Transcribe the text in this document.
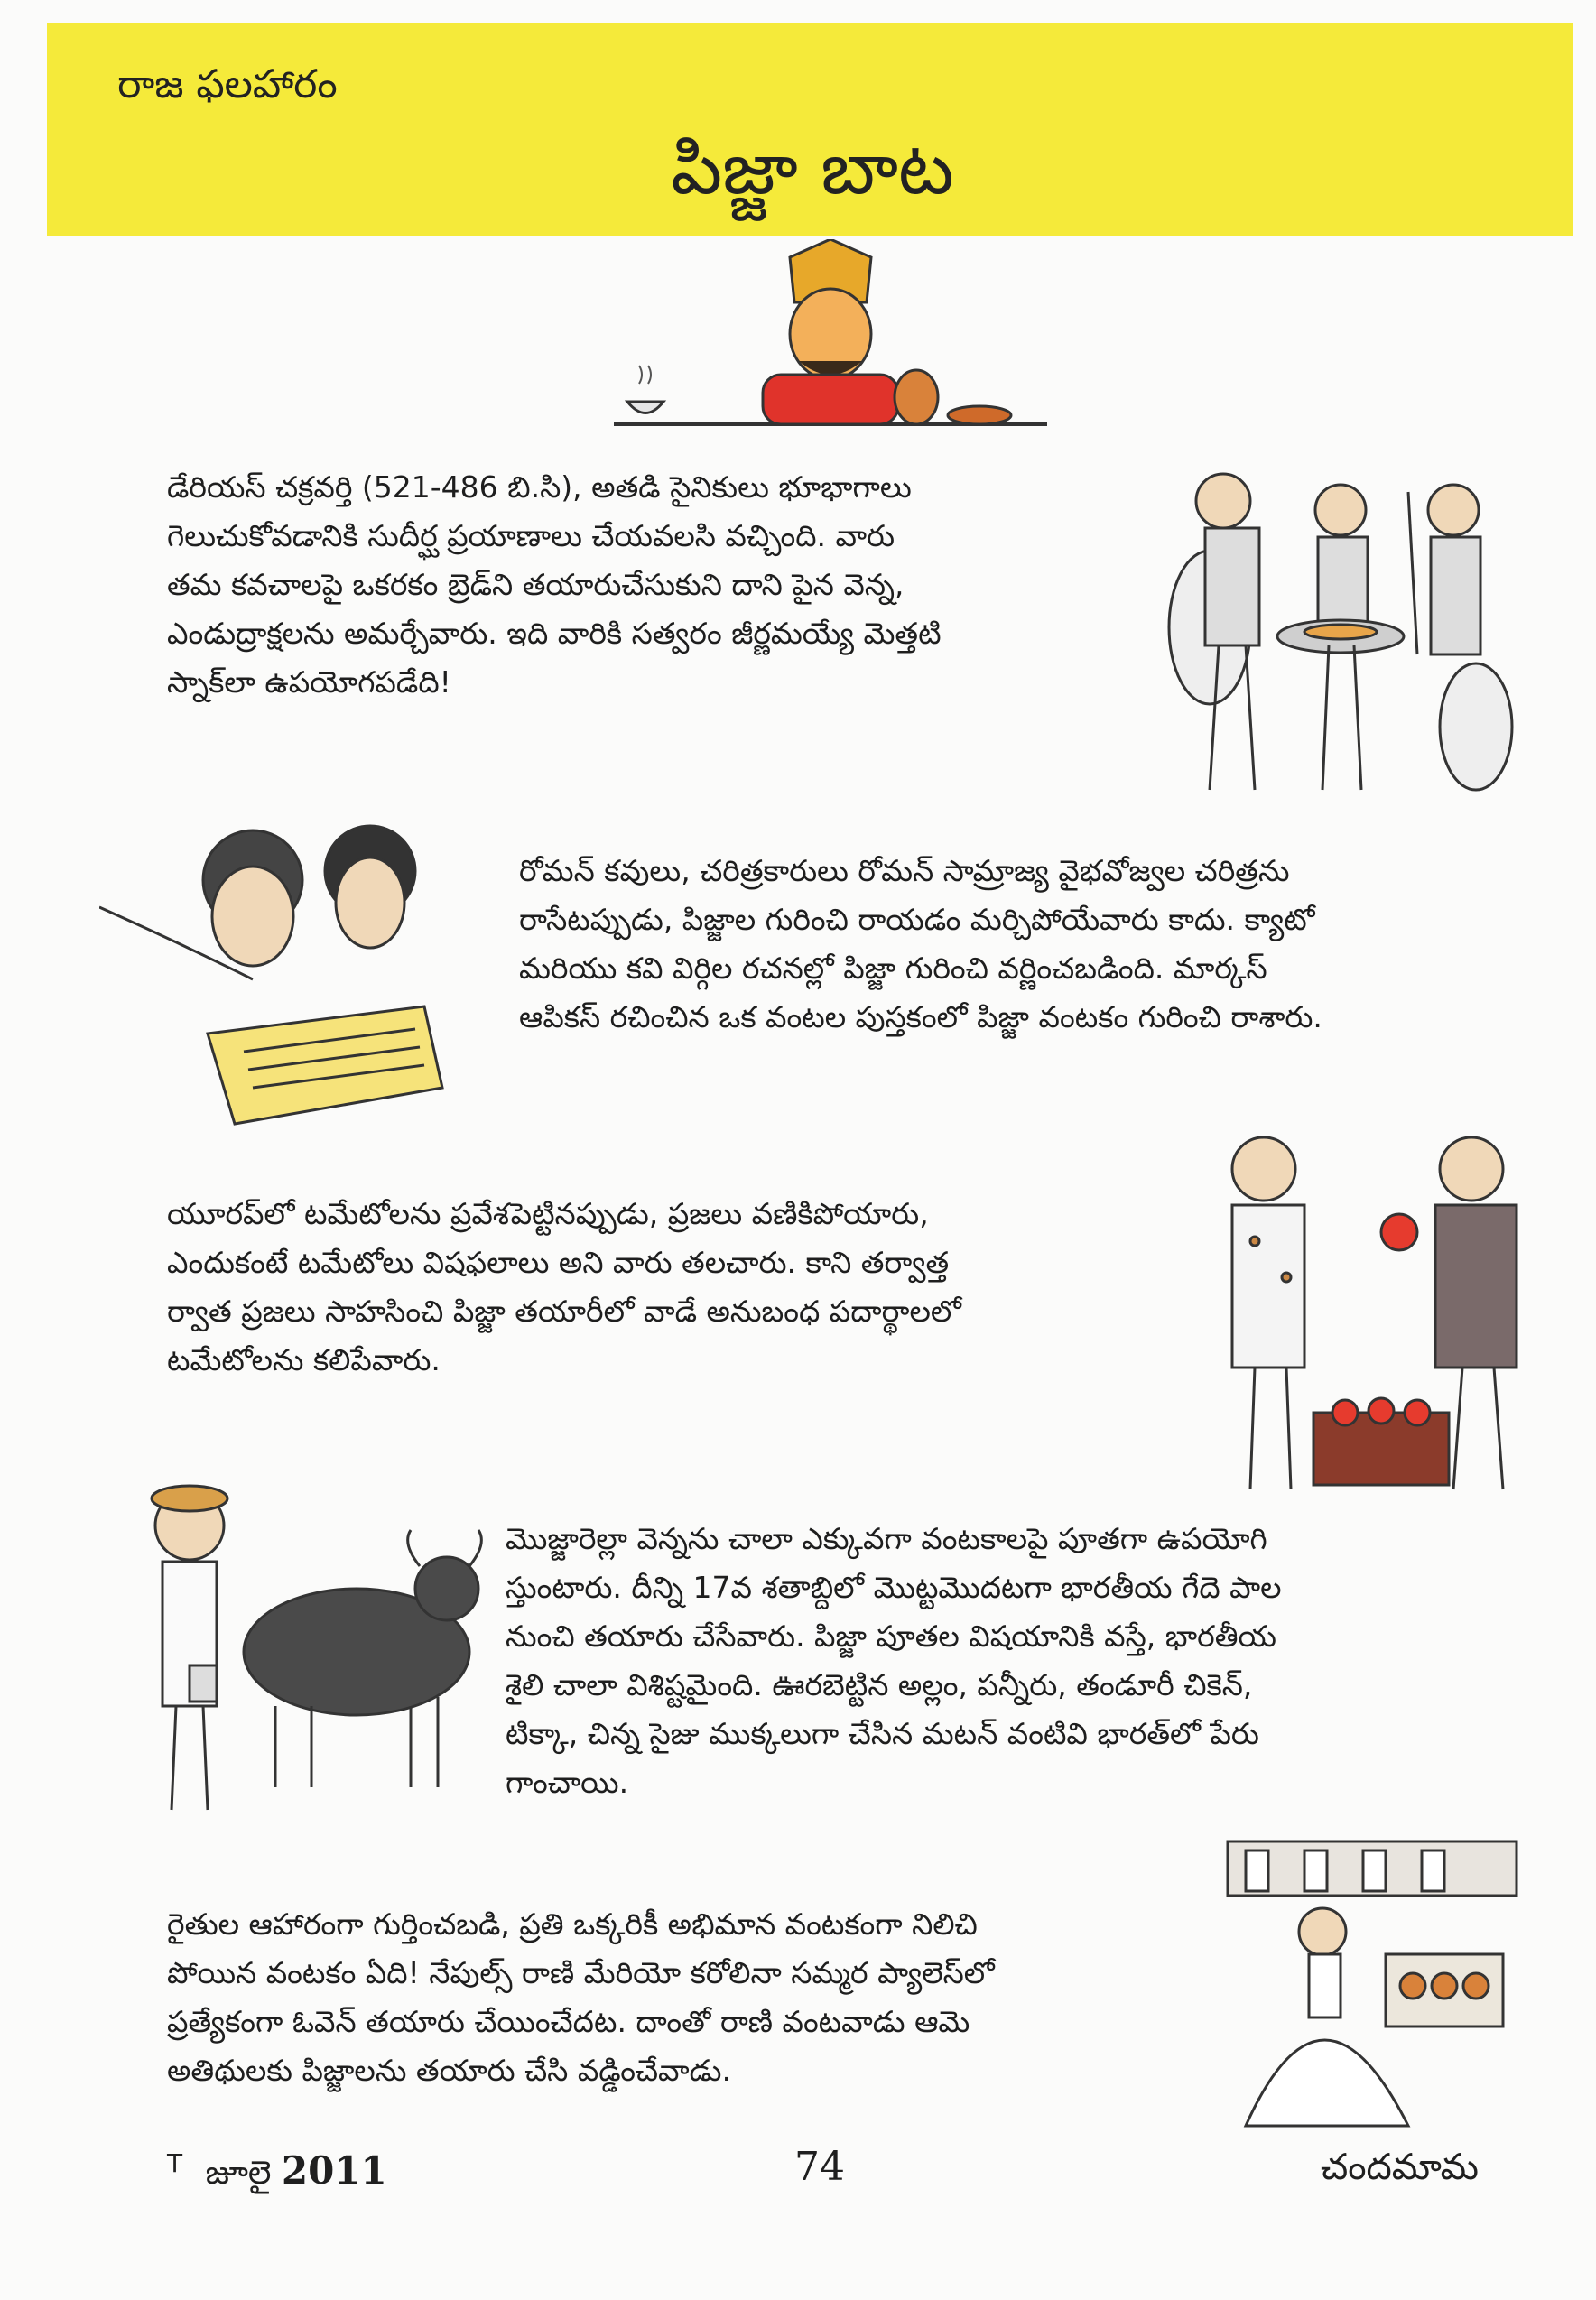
రాజ ఫలహారం
పిజ్జా బాట

డేరియస్ చక్రవర్తి (521-486 బి.సి), అతడి సైనికులు భూభాగాలు
గెలుచుకోవడానికి సుదీర్ఘ ప్రయాణాలు చేయవలసి వచ్చింది. వారు
తమ కవచాలపై ఒకరకం బ్రెడ్‌ని తయారుచేసుకుని దాని పైన వెన్న,
ఎండుద్రాక్షలను అమర్చేవారు. ఇది వారికి సత్వరం జీర్ణమయ్యే మెత్తటి
స్నాక్‌లా ఉపయోగపడేది!

రోమన్ కవులు, చరిత్రకారులు రోమన్ సామ్రాజ్య వైభవోజ్వల చరిత్రను
రాసేటప్పుడు, పిజ్జాల గురించి రాయడం మర్చిపోయేవారు కాదు. క్యాటో
మరియు కవి విర్గిల రచనల్లో పిజ్జా గురించి వర్ణించబడింది. మార్కస్
ఆపికస్ రచించిన ఒక వంటల పుస్తకంలో పిజ్జా వంటకం గురించి రాశారు.

యూరప్‌లో టమేటోలను ప్రవేశపెట్టినప్పుడు, ప్రజలు వణికిపోయారు,
ఎందుకంటే టమేటోలు విషఫలాలు అని వారు తలచారు. కాని తర్వాత్త
ర్వాత ప్రజలు సాహసించి పిజ్జా తయారీలో వాడే అనుబంధ పదార్థాలలో
టమేటోలను కలిపేవారు.

మొజ్జారెల్లా వెన్నను చాలా ఎక్కువగా వంటకాలపై పూతగా ఉపయోగి
స్తుంటారు. దీన్ని 17వ శతాబ్దిలో మొట్టమొదటగా భారతీయ గేదె పాల
నుంచి తయారు చేసేవారు. పిజ్జా పూతల విషయానికి వస్తే, భారతీయ
శైలి చాలా విశిష్టమైంది. ఊరబెట్టిన అల్లం, పన్నీరు, తండూరీ చికెన్,
టిక్కా, చిన్న సైజు ముక్కలుగా చేసిన మటన్ వంటివి భారత్‌లో పేరు
గాంచాయి.

రైతుల ఆహారంగా గుర్తించబడి, ప్రతి ఒక్కరికీ అభిమాన వంటకంగా నిలిచి
పోయిన వంటకం ఏది! నేపుల్స్ రాణి మేరియో కరోలినా సమ్మర ప్యాలెస్‌లో
ప్రత్యేకంగా ఓవెన్ తయారు చేయించేదట. దాంతో రాణి వంటవాడు ఆమె
అతిథులకు పిజ్జాలను తయారు చేసి వడ్డించేవాడు.

$^T$ జూలై 2011	74	చందమామ
